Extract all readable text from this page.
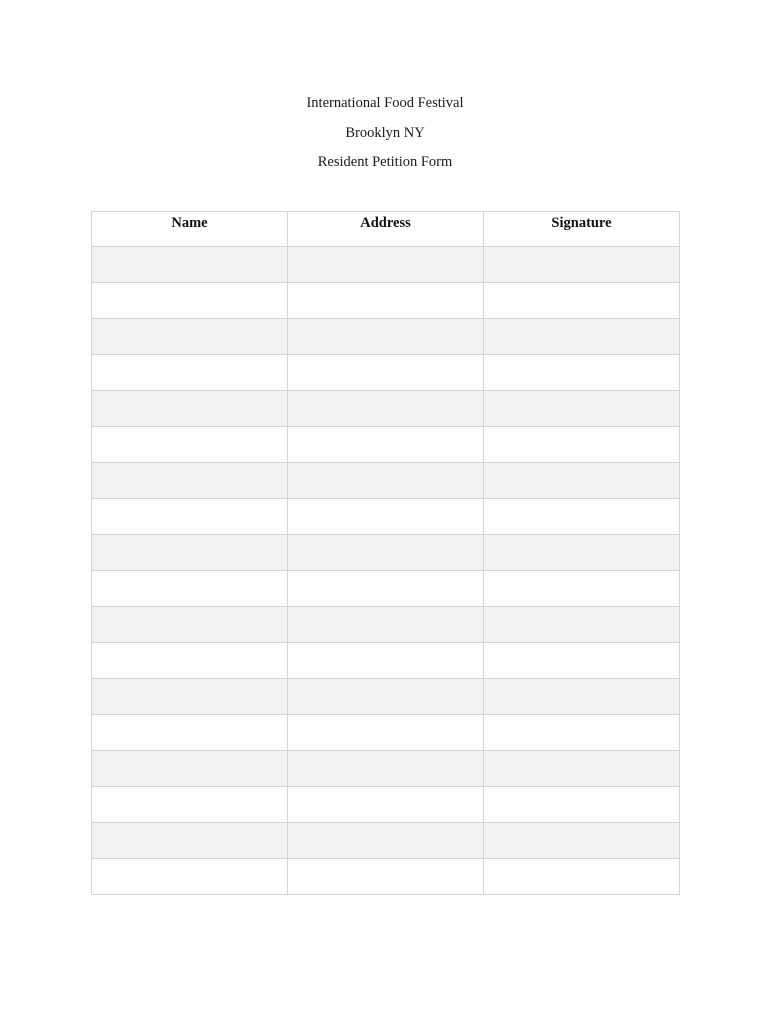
International Food Festival
Brooklyn NY
Resident Petition Form
Name	Address	Signature
